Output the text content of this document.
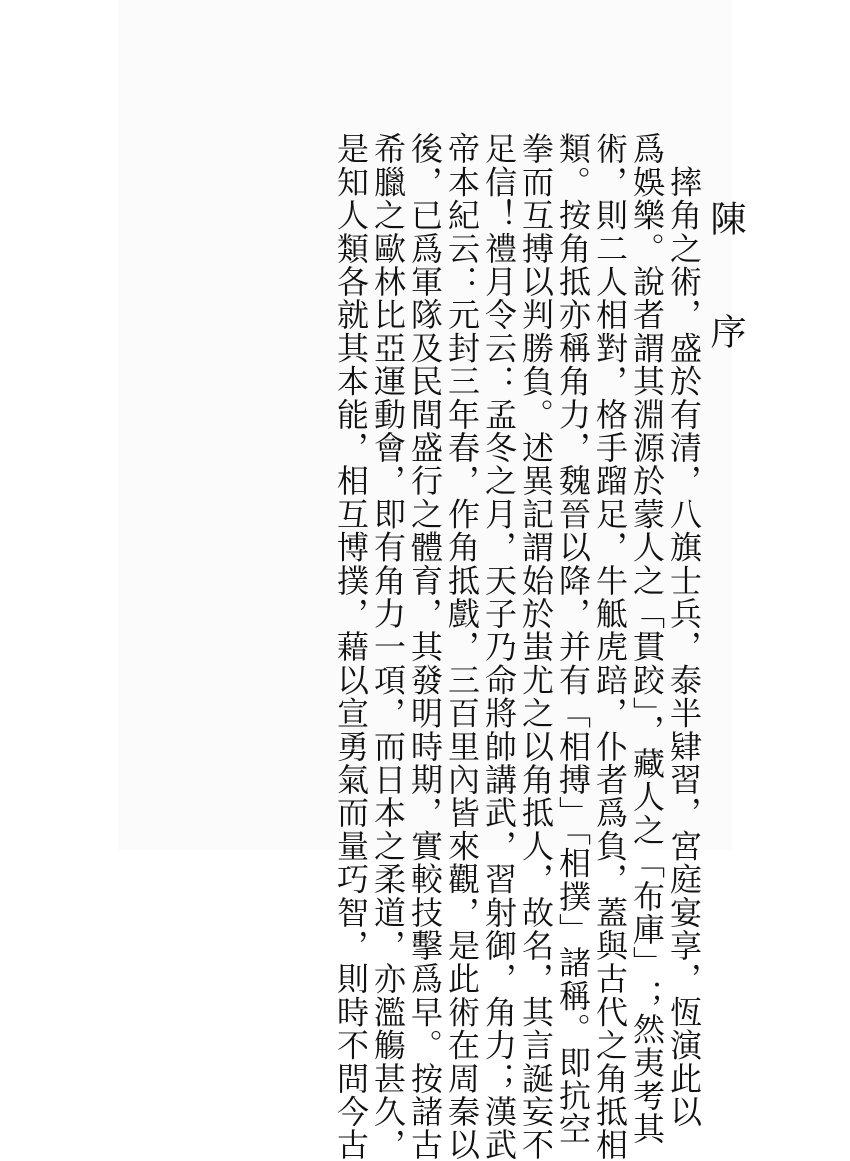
陳 序
　摔角之術，盛於有清，八旗士兵，泰半肄習，宮庭宴享，恆演此以
爲娛樂。說者謂其淵源於蒙人之「貫跤」，藏人之「布庫」；然夷考其
術，則二人相對，格手蹓足，牛觝虎踣，仆者爲負，蓋與古代之角抵相
類。按角抵亦稱角力，魏晉以降，并有「相搏」「相撲」諸稱。即抗空
拳而互搏以判勝負。述異記謂始於蚩尤之以角抵人，故名，其言誕妄不
足信！禮月令云：孟冬之月，天子乃命將帥講武，習射御，角力；漢武
帝本紀云：元封三年春，作角抵戲，三百里內皆來觀，是此術在周秦以
後，已爲軍隊及民間盛行之體育，其發明時期，實較技擊爲早。按諸古
希臘之歐林比亞運動會，即有角力一項，而日本之柔道，亦濫觴甚久，
是知人類各就其本能，相互博撲，藉以宣勇氣而量巧智，則時不問今古
